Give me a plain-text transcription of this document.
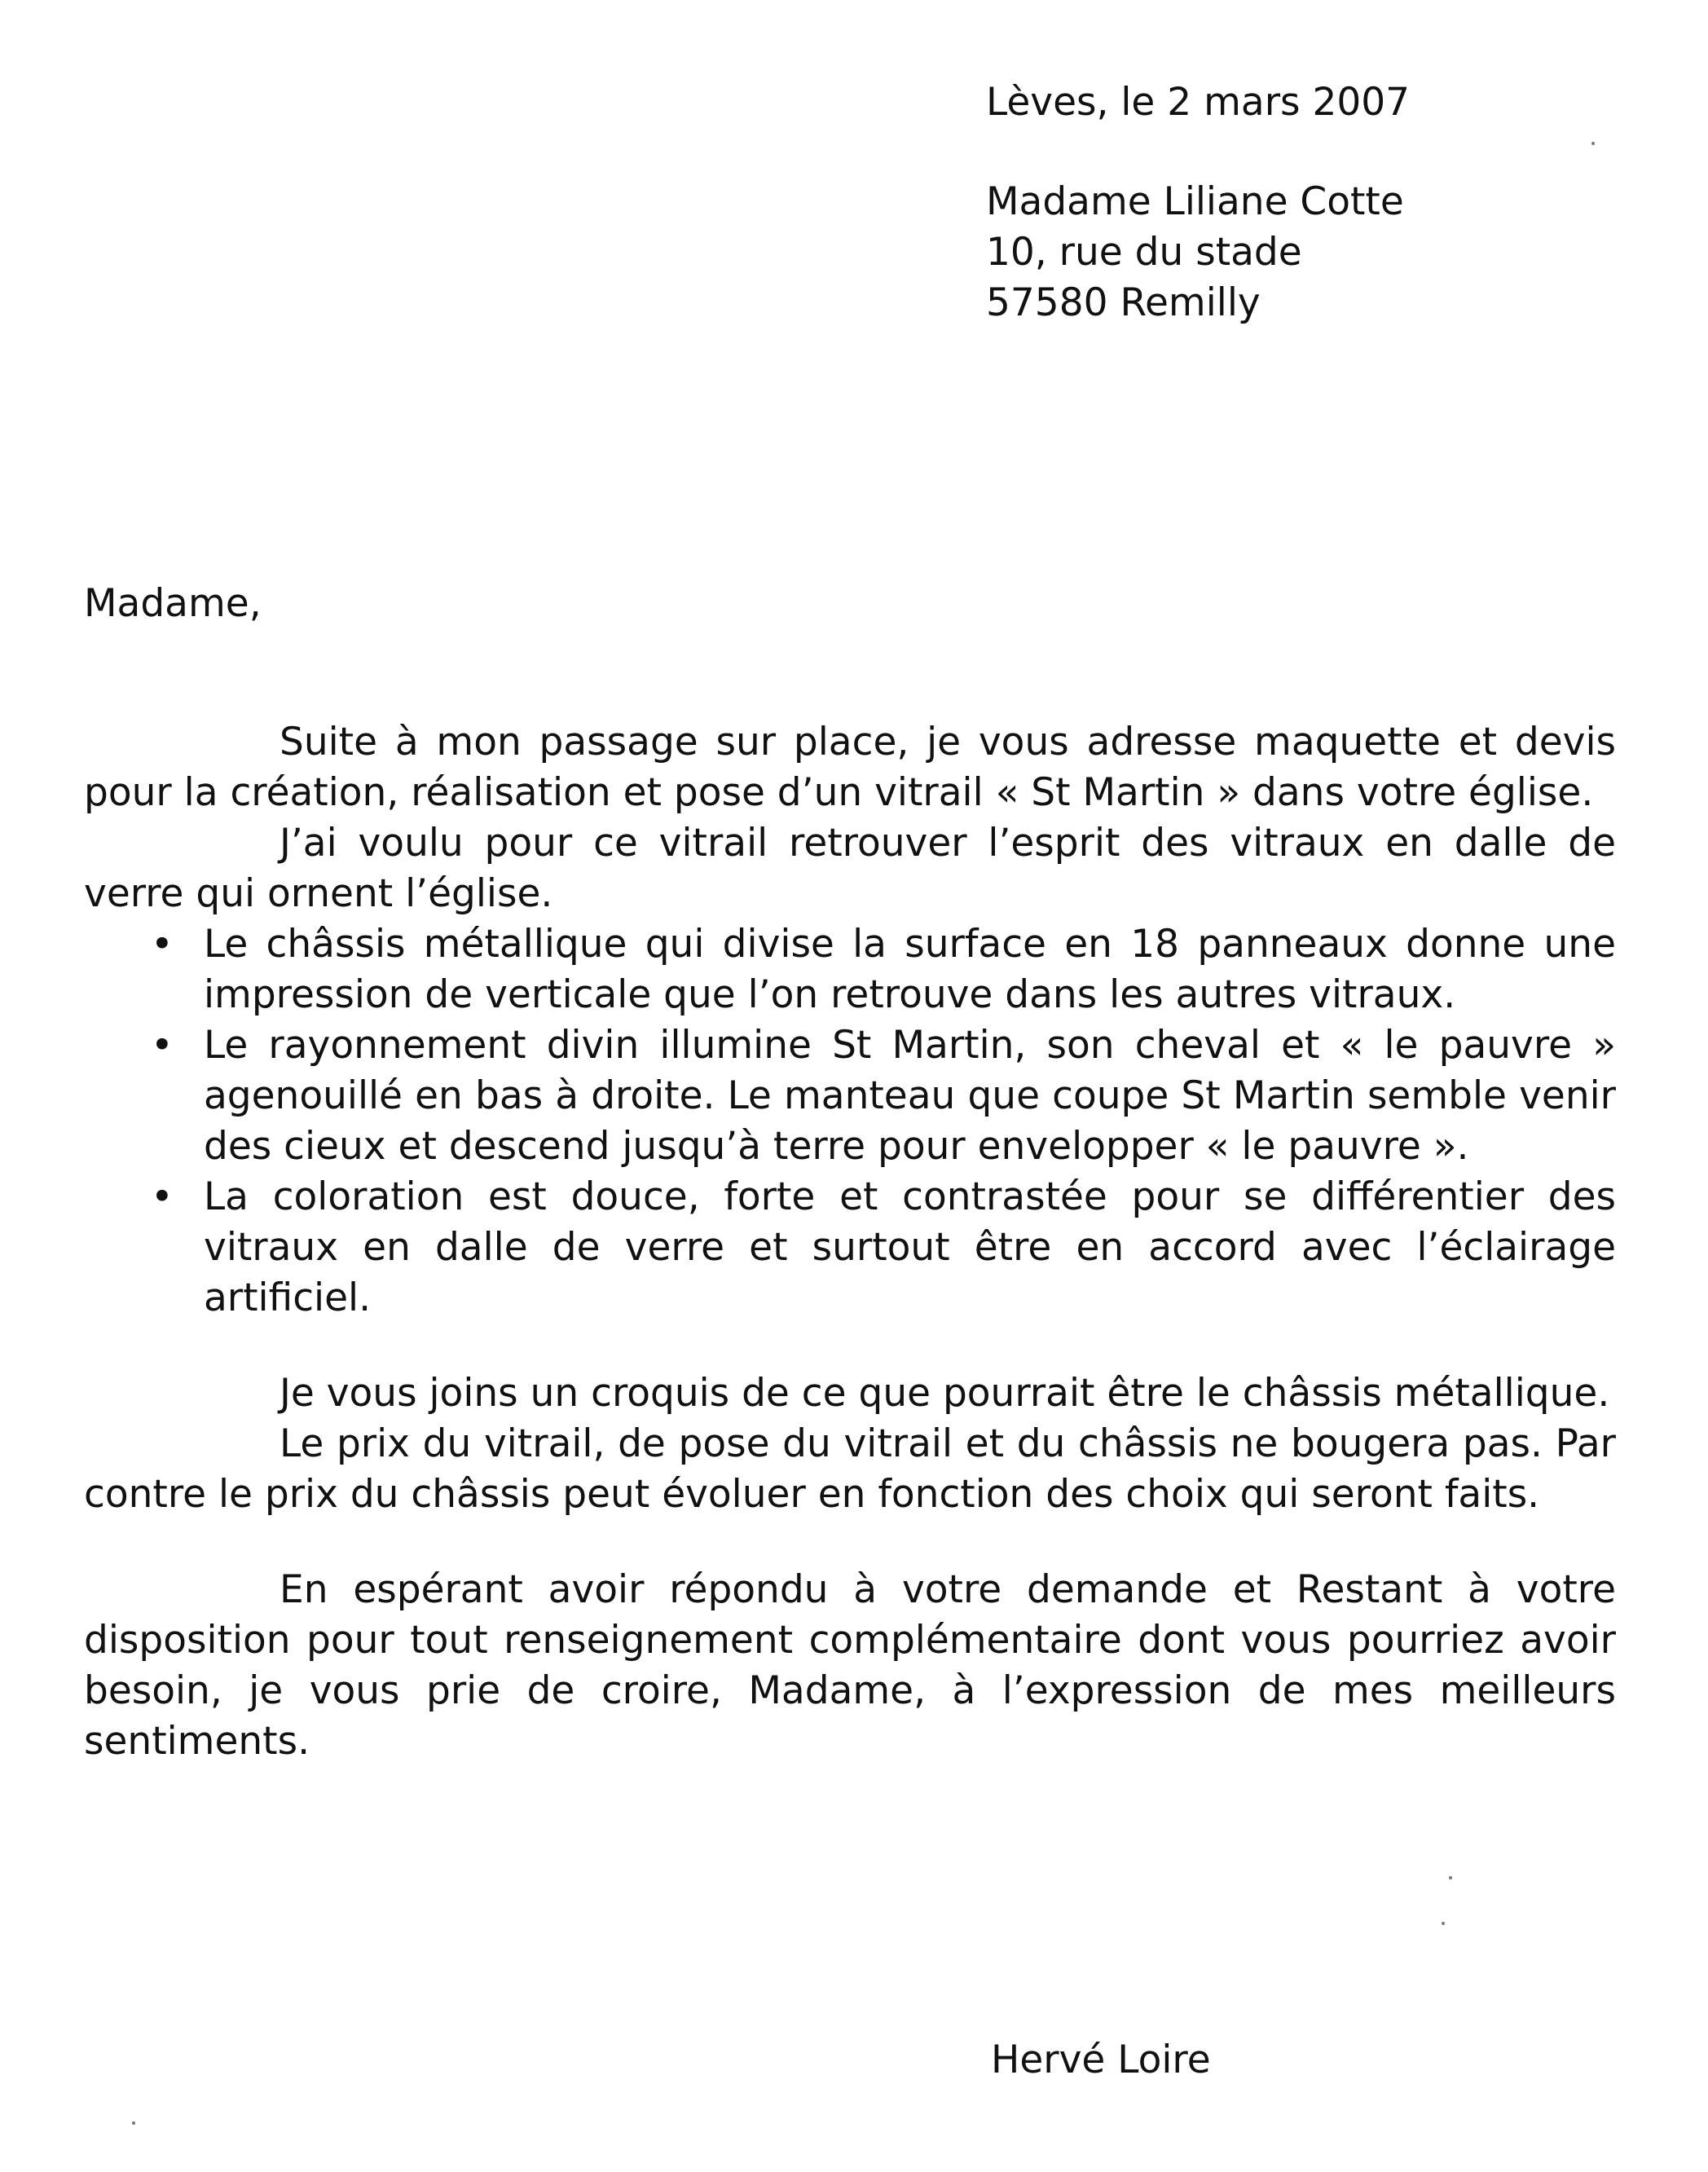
Lèves, le 2 mars 2007
Madame Liliane Cotte
10, rue du stade
57580 Remilly
Madame,

Suite à mon passage sur place, je vous adresse maquette et devis pour la création, réalisation et pose d’un vitrail « St Martin » dans votre église.

J’ai voulu pour ce vitrail retrouver l’esprit des vitraux en dalle de verre qui ornent l’église.

• Le châssis métallique qui divise la surface en 18 panneaux donne une impression de verticale que l’on retrouve dans les autres vitraux.
• Le rayonnement divin illumine St Martin, son cheval et « le pauvre » agenouillé en bas à droite. Le manteau que coupe St Martin semble venir des cieux et descend jusqu’à terre pour envelopper « le pauvre ».
• La coloration est douce, forte et contrastée pour se différentier des vitraux en dalle de verre et surtout être en accord avec l’éclairage artificiel.

Je vous joins un croquis de ce que pourrait être le châssis métallique.

Le prix du vitrail, de pose du vitrail et du châssis ne bougera pas. Par contre le prix du châssis peut évoluer en fonction des choix qui seront faits.

En espérant avoir répondu à votre demande et Restant à votre disposition pour tout renseignement complémentaire dont vous pourriez avoir besoin, je vous prie de croire, Madame, à l’expression de mes meilleurs sentiments.

Hervé Loire
